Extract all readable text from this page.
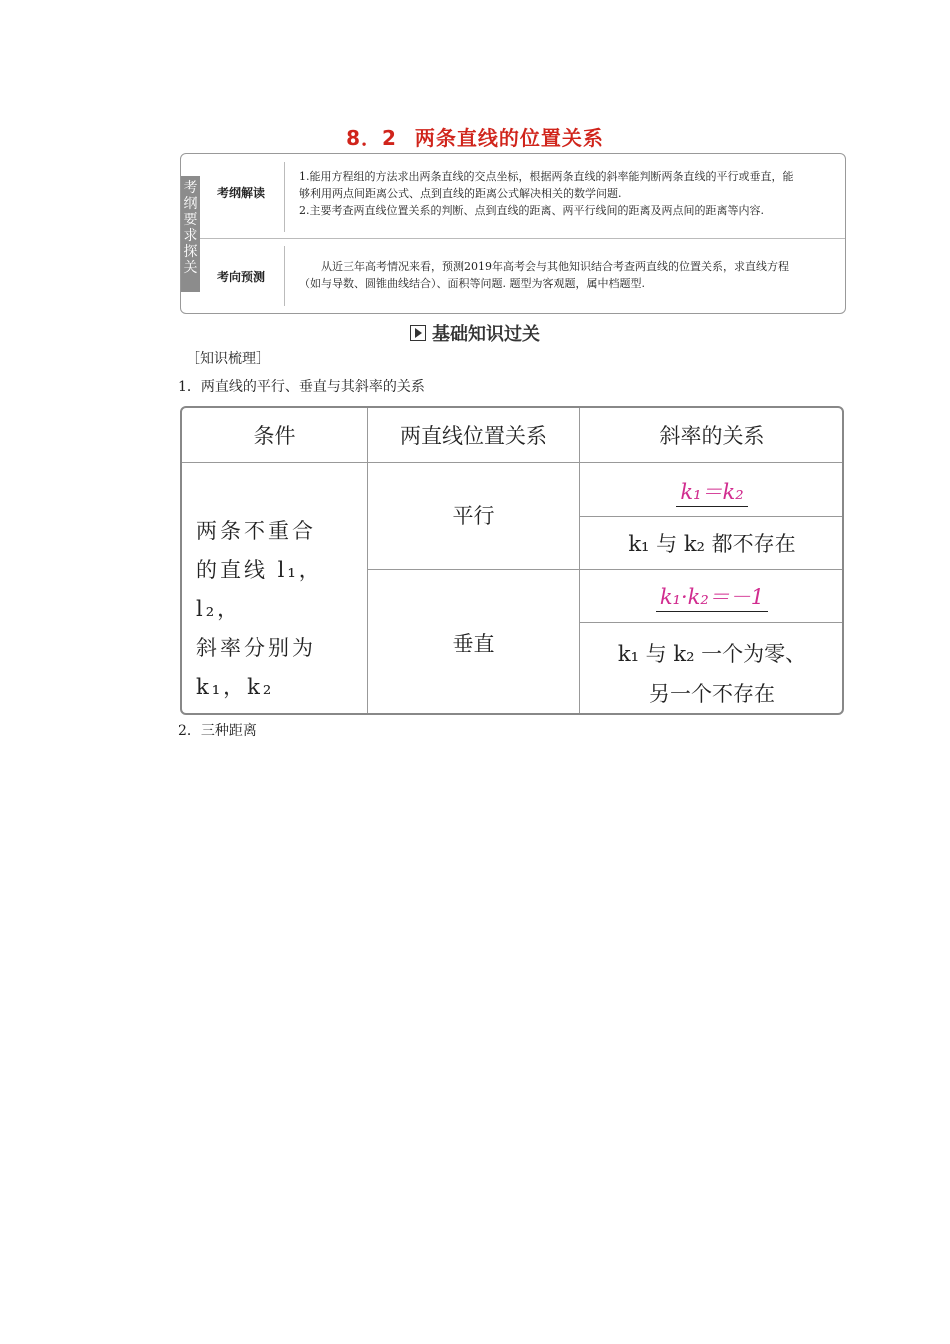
8．2 两条直线的位置关系
考纲要求探关
考纲解读
1.能用方程组的方法求出两条直线的交点坐标，根据两条直线的斜率能判断两条直线的平行或垂直，能
够利用两点间距离公式、点到直线的距离公式解决相关的数学问题.
2.主要考查两直线位置关系的判断、点到直线的距离、两平行线间的距离及两点间的距离等内容.
考向预测
　　从近三年高考情况来看，预测2019年高考会与其他知识结合考查两直线的位置关系，求直线方程
（如与导数、圆锥曲线结合）、面积等问题. 题型为客观题，属中档题型.
基础知识过关
［知识梳理］
1．两直线的平行、垂直与其斜率的关系
条件	两直线位置关系	斜率的关系
两条不重合
的直线 l₁，l₂，
斜率分别为
k₁，k₂
平行
垂直
k₁＝k₂
k₁ 与 k₂ 都不存在
k₁·k₂＝－1
k₁ 与 k₂ 一个为零、
另一个不存在
2．三种距离
